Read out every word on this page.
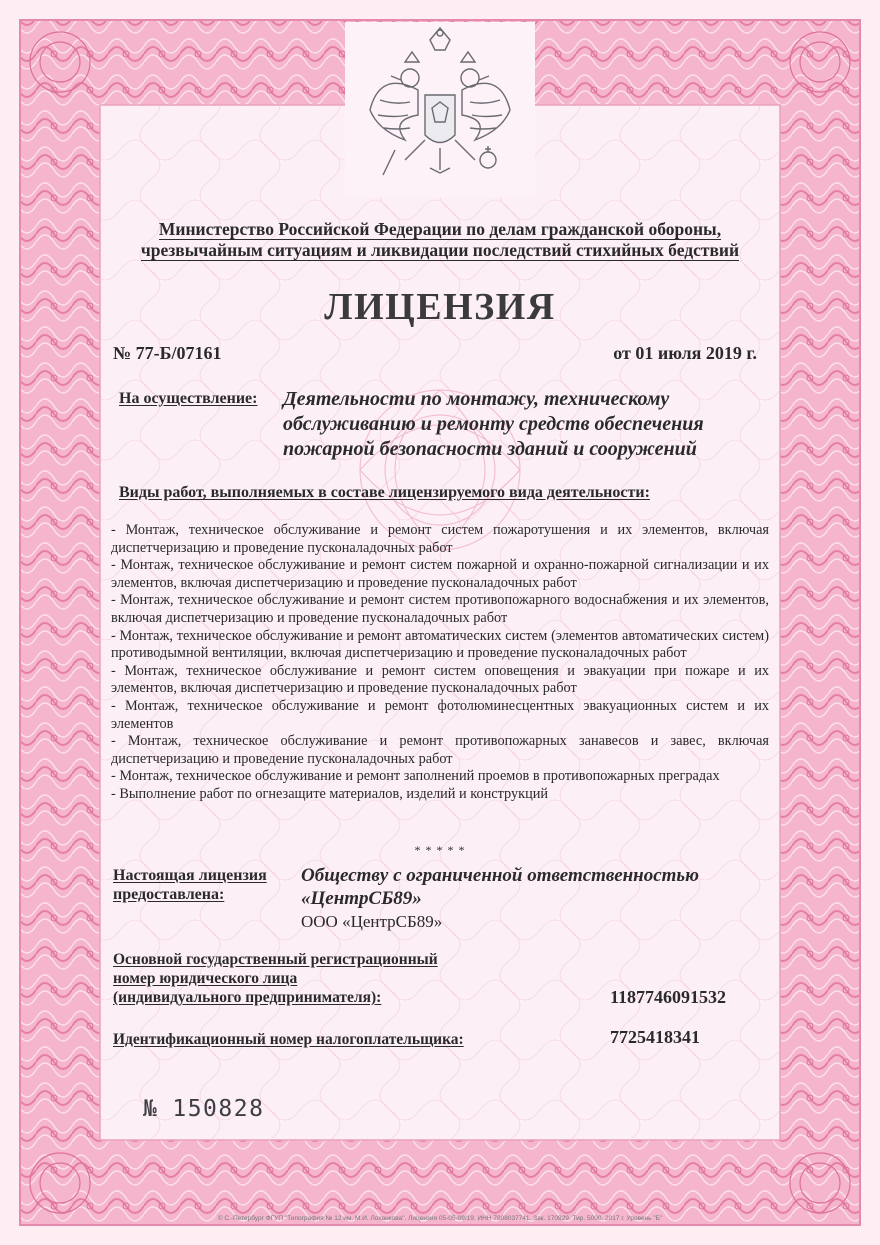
Министерство Российской Федерации по делам гражданской обороны,
чрезвычайным ситуациям и ликвидации последствий стихийных бедствий
ЛИЦЕНЗИЯ
№ 77-Б/07161	от 01 июля 2019 г.
На осуществление: Деятельности по монтажу, техническому
обслуживанию и ремонту средств обеспечения
пожарной безопасности зданий и сооружений
Виды работ, выполняемых в составе лицензируемого вида деятельности:
- Монтаж, техническое обслуживание и ремонт систем пожаротушения и их элементов, включая диспетчеризацию и проведение пусконаладочных работ
- Монтаж, техническое обслуживание и ремонт систем пожарной и охранно-пожарной сигнализации и их элементов, включая диспетчеризацию и проведение пусконаладочных работ
- Монтаж, техническое обслуживание и ремонт систем противопожарного водоснабжения и их элементов, включая диспетчеризацию и проведение пусконаладочных работ
- Монтаж, техническое обслуживание и ремонт автоматических систем (элементов автоматических систем) противодымной вентиляции, включая диспетчеризацию и проведение пусконаладочных работ
- Монтаж, техническое обслуживание и ремонт систем оповещения и эвакуации при пожаре и их элементов, включая диспетчеризацию и проведение пусконаладочных работ
- Монтаж, техническое обслуживание и ремонт фотолюминесцентных эвакуационных систем и их элементов
- Монтаж, техническое обслуживание и ремонт противопожарных занавесов и завес, включая диспетчеризацию и проведение пусконаладочных работ
- Монтаж, техническое обслуживание и ремонт заполнений проемов в противопожарных преградах
- Выполнение работ по огнезащите материалов, изделий и конструкций
* * * * *
Настоящая лицензия
предоставлена:
Обществу с ограниченной ответственностью
«ЦентрСБ89»
ООО «ЦентрСБ89»
Основной государственный регистрационный
номер юридического лица
(индивидуального предпринимателя):	1187746091532
Идентификационный номер налогоплательщика:	7725418341
№ 150828
© С.-Петербург ФГУП "Типография № 12 им. М.И. Лоханкова". Лицензия 05-05-09/19. ИНН 7808037741. Зак. 170829. Тир. 5000. 2017 г. Уровень "Б"
